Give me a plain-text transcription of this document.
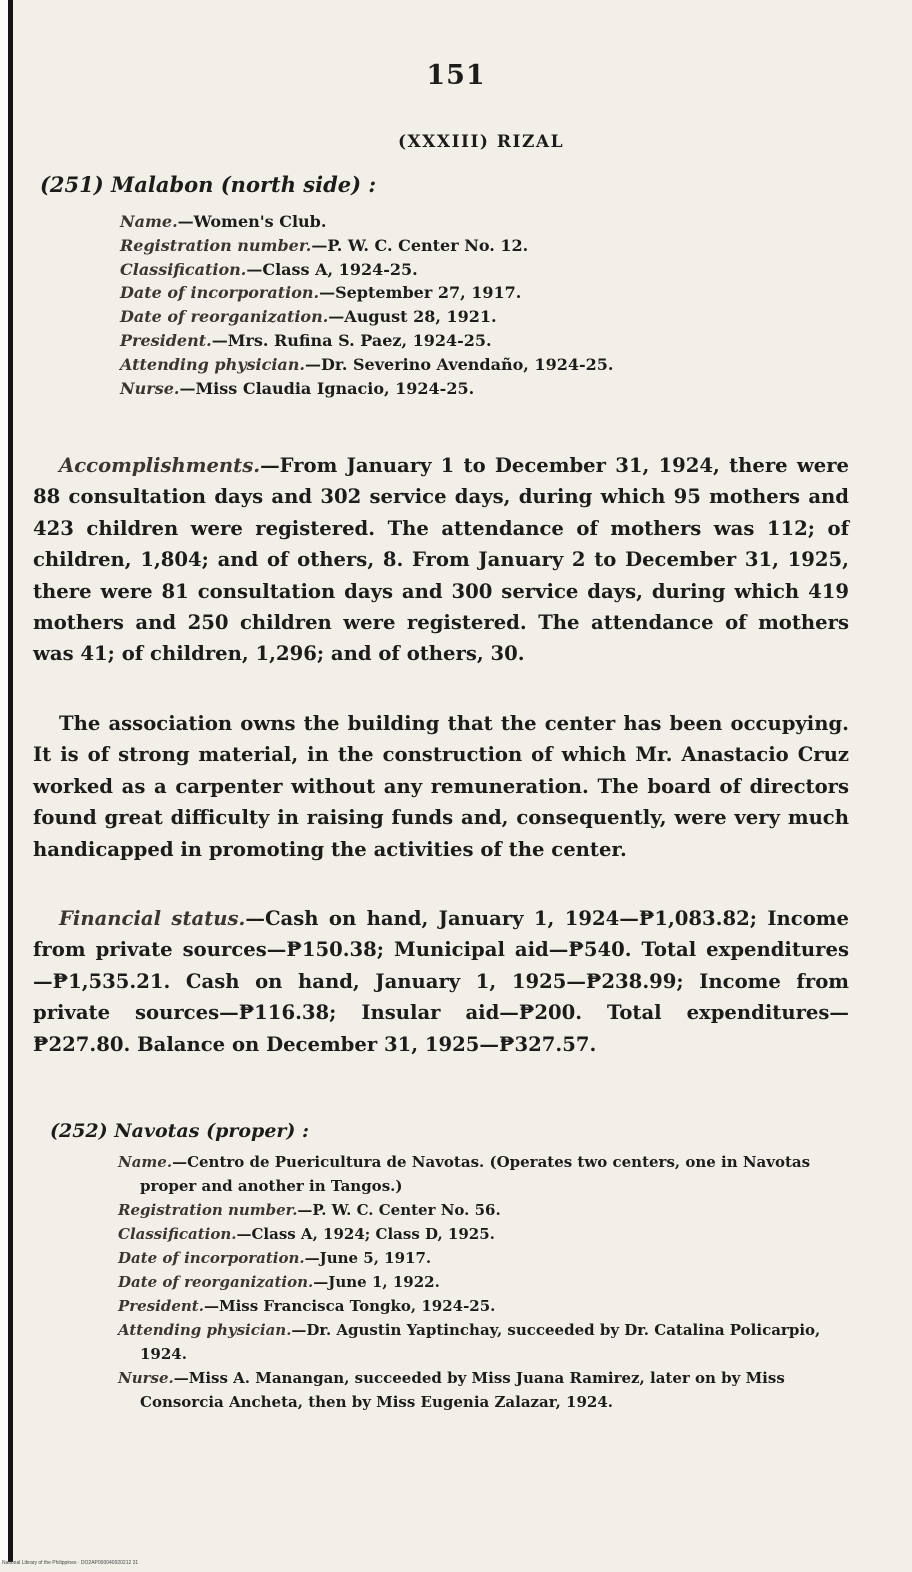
151
(XXXIII) RIZAL
(251) Malabon (north side) :
Name.—Women's Club.
Registration number.—P. W. C. Center No. 12.
Classification.—Class A, 1924-25.
Date of incorporation.—September 27, 1917.
Date of reorganization.—August 28, 1921.
President.—Mrs. Rufina S. Paez, 1924-25.
Attending physician.—Dr. Severino Avendaño, 1924-25.
Nurse.—Miss Claudia Ignacio, 1924-25.

Accomplishments.—From January 1 to December 31, 1924, there were 88 consultation days and 302 service days, during which 95 mothers and 423 children were registered. The attendance of mothers was 112; of children, 1,804; and of others, 8. From January 2 to December 31, 1925, there were 81 consultation days and 300 service days, during which 419 mothers and 250 children were registered. The attendance of mothers was 41; of children, 1,296; and of others, 30.

The association owns the building that the center has been occupying. It is of strong material, in the construction of which Mr. Anastacio Cruz worked as a carpenter without any remuneration. The board of directors found great difficulty in raising funds and, consequently, were very much handicapped in promoting the activities of the center.

Financial status.—Cash on hand, January 1, 1924—₱1,083.82; Income from private sources—₱150.38; Municipal aid—₱540. Total expenditures—₱1,535.21. Cash on hand, January 1, 1925—₱238.99; Income from private sources—₱116.38; Insular aid—₱200. Total expenditures—₱227.80. Balance on December 31, 1925—₱327.57.

(252) Navotas (proper) :
Name.—Centro de Puericultura de Navotas. (Operates two centers, one in Navotas proper and another in Tangos.)
Registration number.—P. W. C. Center No. 56.
Classification.—Class A, 1924; Class D, 1925.
Date of incorporation.—June 5, 1917.
Date of reorganization.—June 1, 1922.
President.—Miss Francisca Tongko, 1924-25.
Attending physician.—Dr. Agustin Yaptinchay, succeeded by Dr. Catalina Policarpio, 1924.
Nurse.—Miss A. Manangan, succeeded by Miss Juana Ramirez, later on by Miss Consorcia Ancheta, then by Miss Eugenia Zalazar, 1924.
National Library of the Philippines · DO2AP000040920212 31
